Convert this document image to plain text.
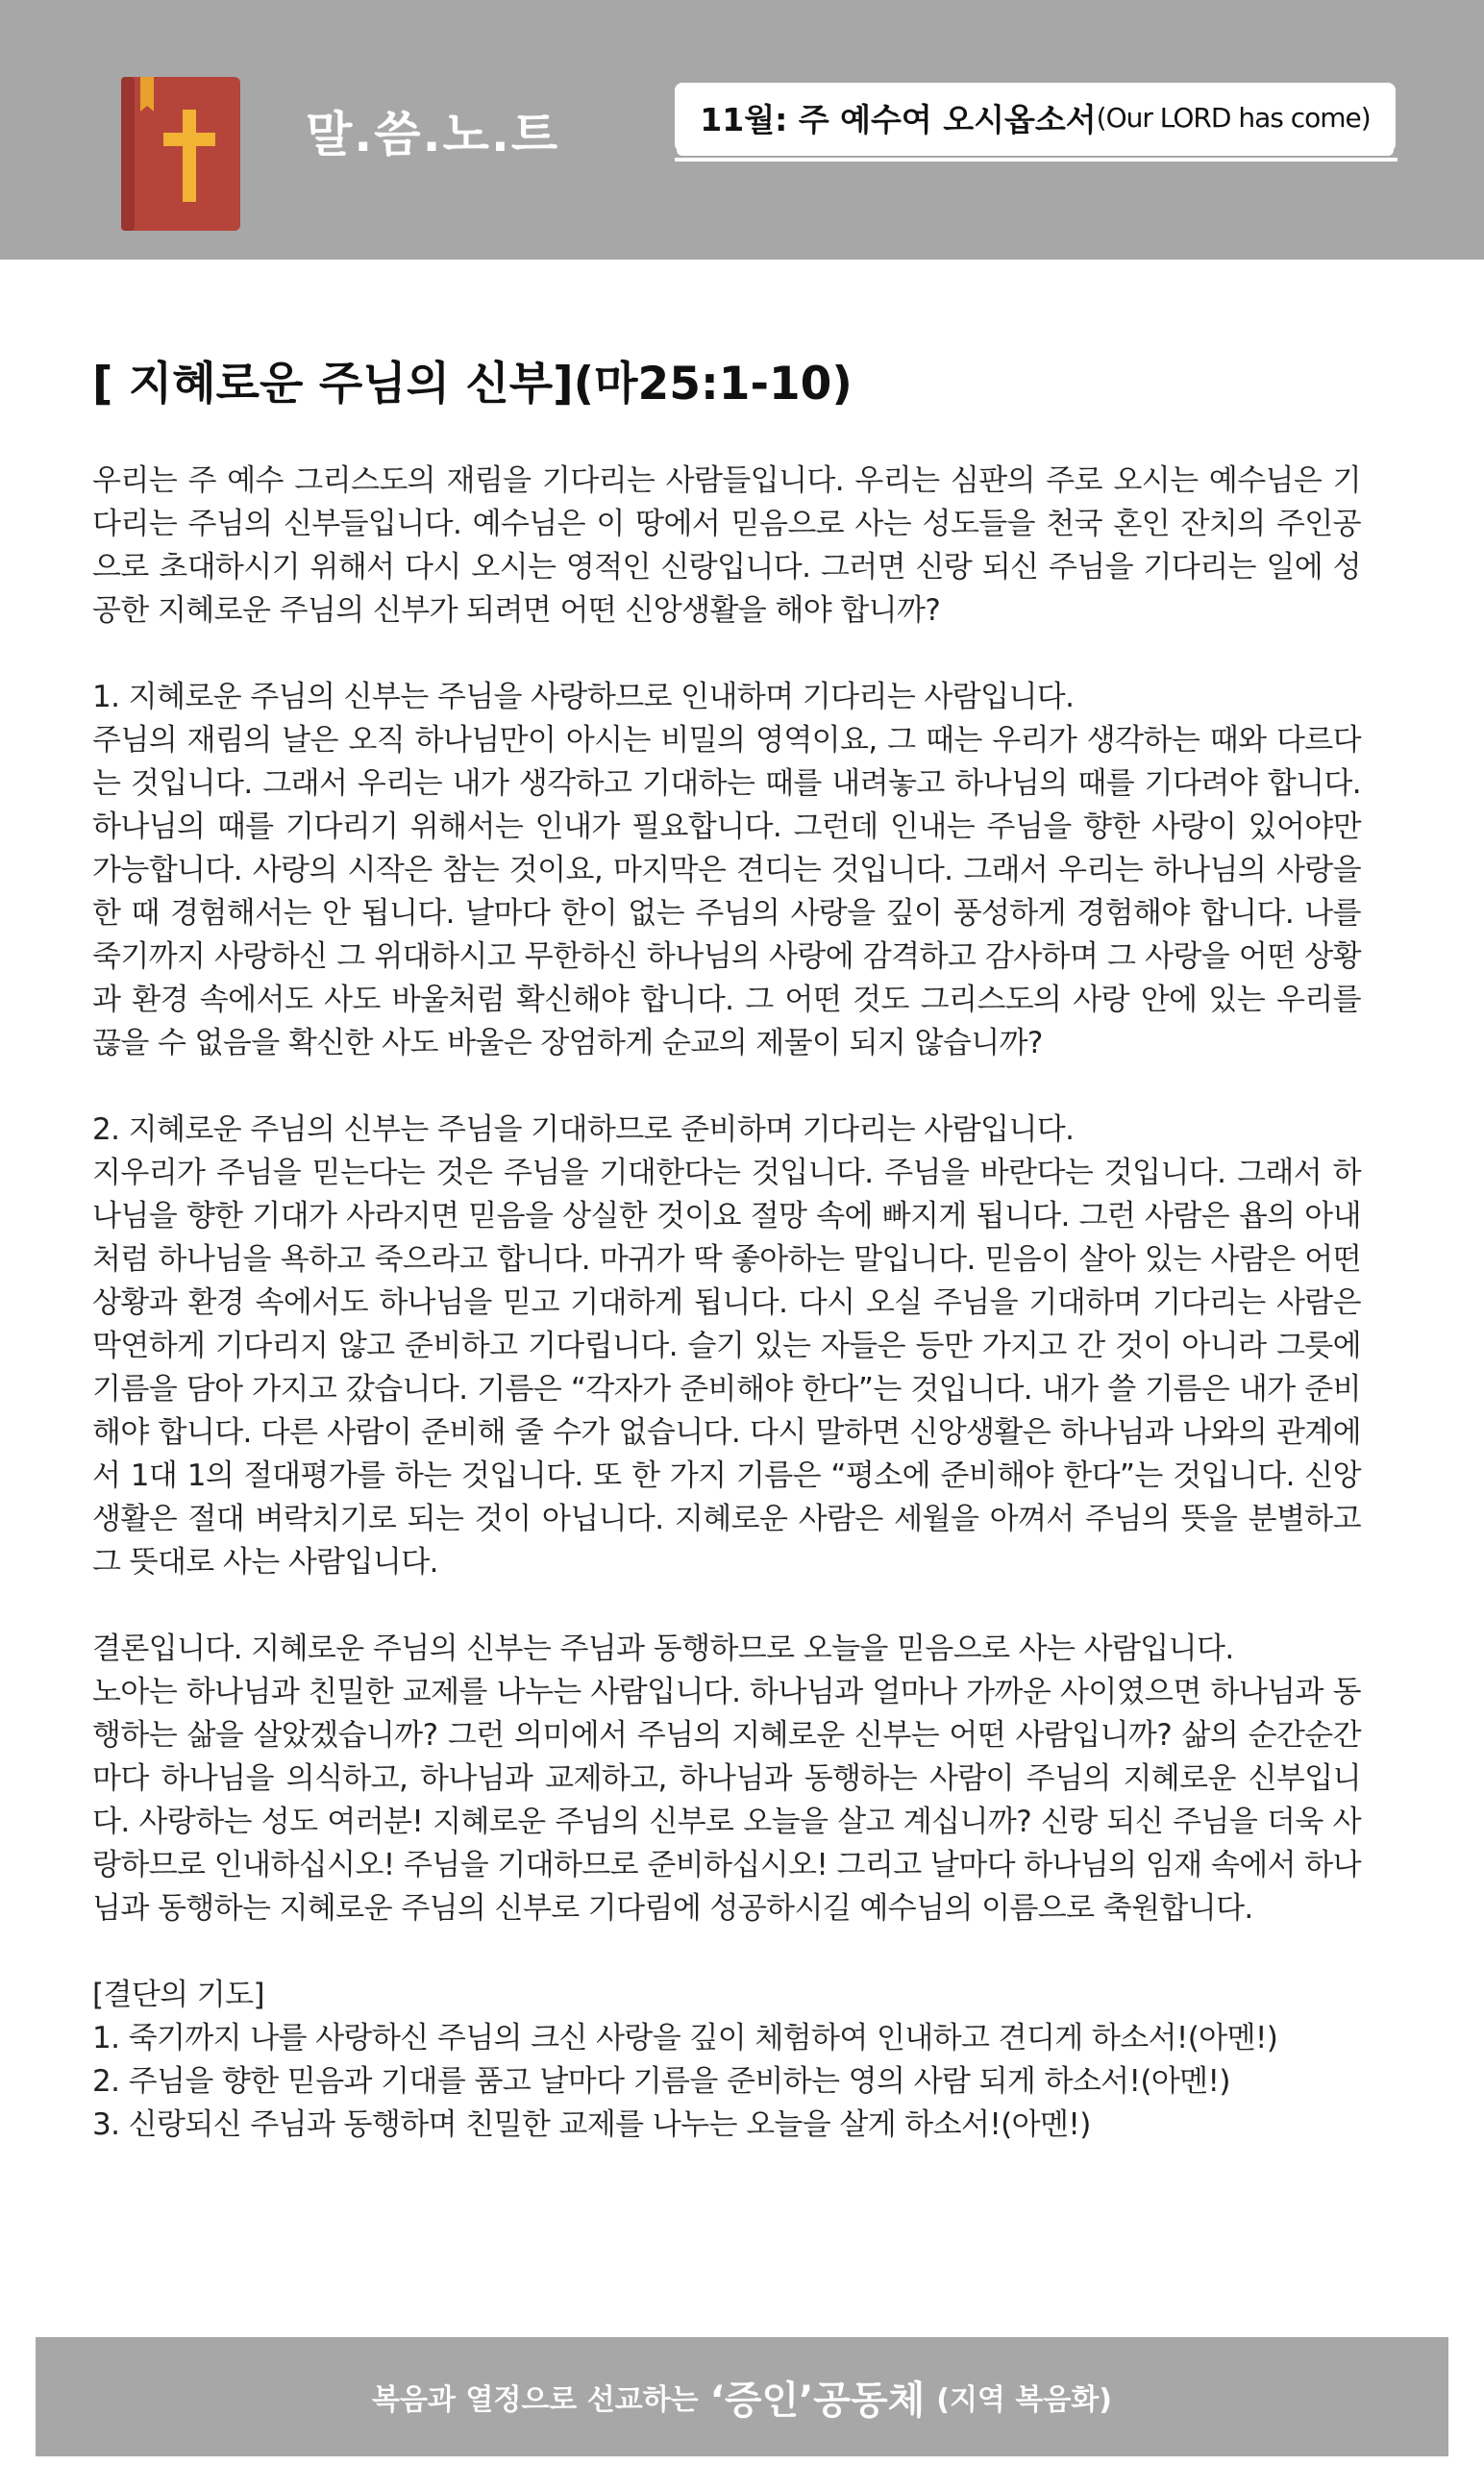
말.씀.노.트	11월: 주 예수여 오시옵소서 (Our LORD has come)
[ 지혜로운 주님의 신부](마25:1-10)

우리는 주 예수 그리스도의 재림을 기다리는 사람들입니다. 우리는 심판의 주로 오시는 예수님은 기다리는 주님의 신부들입니다. 예수님은 이 땅에서 믿음으로 사는 성도들을 천국 혼인 잔치의 주인공으로 초대하시기 위해서 다시 오시는 영적인 신랑입니다. 그러면 신랑 되신 주님을 기다리는 일에 성공한 지혜로운 주님의 신부가 되려면 어떤 신앙생활을 해야 합니까?

1. 지혜로운 주님의 신부는 주님을 사랑하므로 인내하며 기다리는 사람입니다.
주님의 재림의 날은 오직 하나님만이 아시는 비밀의 영역이요, 그 때는 우리가 생각하는 때와 다르다는 것입니다. 그래서 우리는 내가 생각하고 기대하는 때를 내려놓고 하나님의 때를 기다려야 합니다. 하나님의 때를 기다리기 위해서는 인내가 필요합니다. 그런데 인내는 주님을 향한 사랑이 있어야만 가능합니다. 사랑의 시작은 참는 것이요, 마지막은 견디는 것입니다. 그래서 우리는 하나님의 사랑을 한 때 경험해서는 안 됩니다. 날마다 한이 없는 주님의 사랑을 깊이 풍성하게 경험해야 합니다. 나를 죽기까지 사랑하신 그 위대하시고 무한하신 하나님의 사랑에 감격하고 감사하며 그 사랑을 어떤 상황과 환경 속에서도 사도 바울처럼 확신해야 합니다. 그 어떤 것도 그리스도의 사랑 안에 있는 우리를 끊을 수 없음을 확신한 사도 바울은 장엄하게 순교의 제물이 되지 않습니까?
2. 지혜로운 주님의 신부는 주님을 기대하므로 준비하며 기다리는 사람입니다.
지우리가 주님을 믿는다는 것은 주님을 기대한다는 것입니다. 주님을 바란다는 것입니다. 그래서 하나님을 향한 기대가 사라지면 믿음을 상실한 것이요 절망 속에 빠지게 됩니다. 그런 사람은 욥의 아내처럼 하나님을 욕하고 죽으라고 합니다. 마귀가 딱 좋아하는 말입니다. 믿음이 살아 있는 사람은 어떤 상황과 환경 속에서도 하나님을 믿고 기대하게 됩니다. 다시 오실 주님을 기대하며 기다리는 사람은 막연하게 기다리지 않고 준비하고 기다립니다. 슬기 있는 자들은 등만 가지고 간 것이 아니라 그릇에 기름을 담아 가지고 갔습니다. 기름은 “각자가 준비해야 한다”는 것입니다. 내가 쓸 기름은 내가 준비해야 합니다. 다른 사람이 준비해 줄 수가 없습니다. 다시 말하면 신앙생활은 하나님과 나와의 관계에서 1대 1의 절대평가를 하는 것입니다. 또 한 가지 기름은 “평소에 준비해야 한다”는 것입니다. 신앙생활은 절대 벼락치기로 되는 것이 아닙니다. 지혜로운 사람은 세월을 아껴서 주님의 뜻을 분별하고 그 뜻대로 사는 사람입니다.
결론입니다. 지혜로운 주님의 신부는 주님과 동행하므로 오늘을 믿음으로 사는 사람입니다.
노아는 하나님과 친밀한 교제를 나누는 사람입니다. 하나님과 얼마나 가까운 사이였으면 하나님과 동행하는 삶을 살았겠습니까? 그런 의미에서 주님의 지혜로운 신부는 어떤 사람입니까? 삶의 순간순간마다 하나님을 의식하고, 하나님과 교제하고, 하나님과 동행하는 사람이 주님의 지혜로운 신부입니다. 사랑하는 성도 여러분! 지혜로운 주님의 신부로 오늘을 살고 계십니까? 신랑 되신 주님을 더욱 사랑하므로 인내하십시오! 주님을 기대하므로 준비하십시오! 그리고 날마다 하나님의 임재 속에서 하나님과 동행하는 지혜로운 주님의 신부로 기다림에 성공하시길 예수님의 이름으로 축원합니다.
[결단의 기도]
1. 죽기까지 나를 사랑하신 주님의 크신 사랑을 깊이 체험하여 인내하고 견디게 하소서!(아멘!)
2. 주님을 향한 믿음과 기대를 품고 날마다 기름을 준비하는 영의 사람 되게 하소서!(아멘!)
3. 신랑되신 주님과 동행하며 친밀한 교제를 나누는 오늘을 살게 하소서!(아멘!)
복음과 열정으로 선교하는 ‘증인’공동체 (지역 복음화)
